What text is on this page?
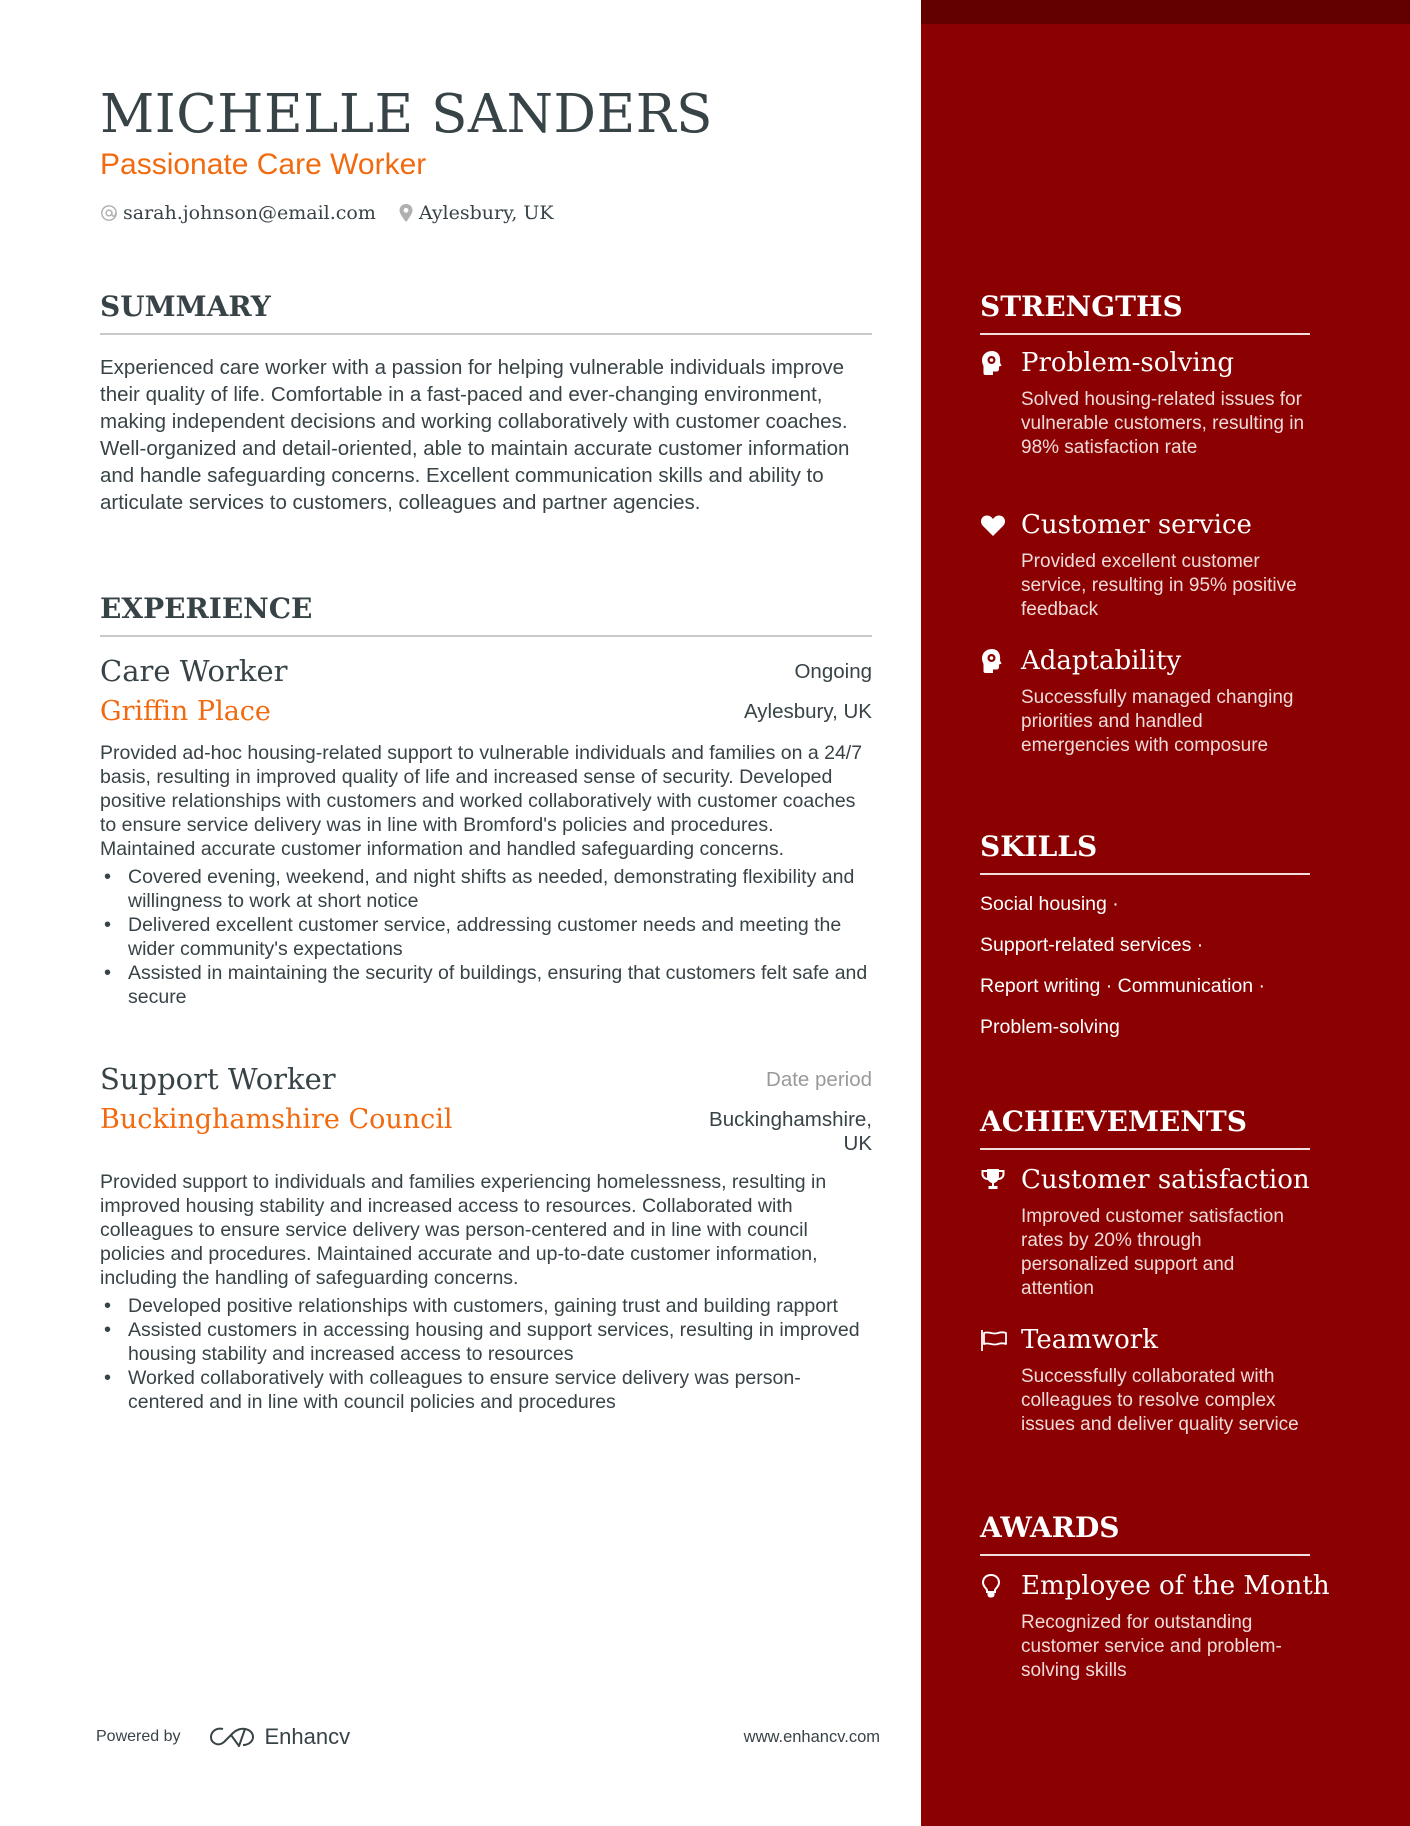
MICHELLE SANDERS
Passionate Care Worker
sarah.johnson@email.com Aylesbury, UK
SUMMARY

Experienced care worker with a passion for helping vulnerable individuals improve their quality of life. Comfortable in a fast-paced and ever-changing environment, making independent decisions and working collaboratively with customer coaches. Well-organized and detail-oriented, able to maintain accurate customer information and handle safeguarding concerns. Excellent communication skills and ability to articulate services to customers, colleagues and partner agencies.

EXPERIENCE
Care Worker	Ongoing
Griffin Place	Aylesbury, UK

Provided ad-hoc housing-related support to vulnerable individuals and families on a 24/7 basis, resulting in improved quality of life and increased sense of security. Developed positive relationships with customers and worked collaboratively with customer coaches to ensure service delivery was in line with Bromford's policies and procedures. Maintained accurate customer information and handled safeguarding concerns.

• Covered evening, weekend, and night shifts as needed, demonstrating flexibility and willingness to work at short notice
• Delivered excellent customer service, addressing customer needs and meeting the wider community's expectations
• Assisted in maintaining the security of buildings, ensuring that customers felt safe and secure
Support Worker	Date period
Buckinghamshire Council	Buckinghamshire,
UK

Provided support to individuals and families experiencing homelessness, resulting in improved housing stability and increased access to resources. Collaborated with colleagues to ensure service delivery was person-centered and in line with council policies and procedures. Maintained accurate and up-to-date customer information, including the handling of safeguarding concerns.

• Developed positive relationships with customers, gaining trust and building rapport
• Assisted customers in accessing housing and support services, resulting in improved housing stability and increased access to resources
• Worked collaboratively with colleagues to ensure service delivery was person-centered and in line with council policies and procedures
Powered by	Enhancv	www.enhancv.com
STRENGTHS
Problem-solving

Solved housing-related issues for vulnerable customers, resulting in 98% satisfaction rate

Customer service

Provided excellent customer service, resulting in 95% positive feedback

Adaptability

Successfully managed changing priorities and handled emergencies with composure

SKILLS
Social housing ·
Support-related services ·
Report writing · Communication ·
Problem-solving
ACHIEVEMENTS
Customer satisfaction

Improved customer satisfaction rates by 20% through personalized support and attention

Teamwork

Successfully collaborated with colleagues to resolve complex issues and deliver quality service

AWARDS
Employee of the Month

Recognized for outstanding customer service and problem-solving skills
